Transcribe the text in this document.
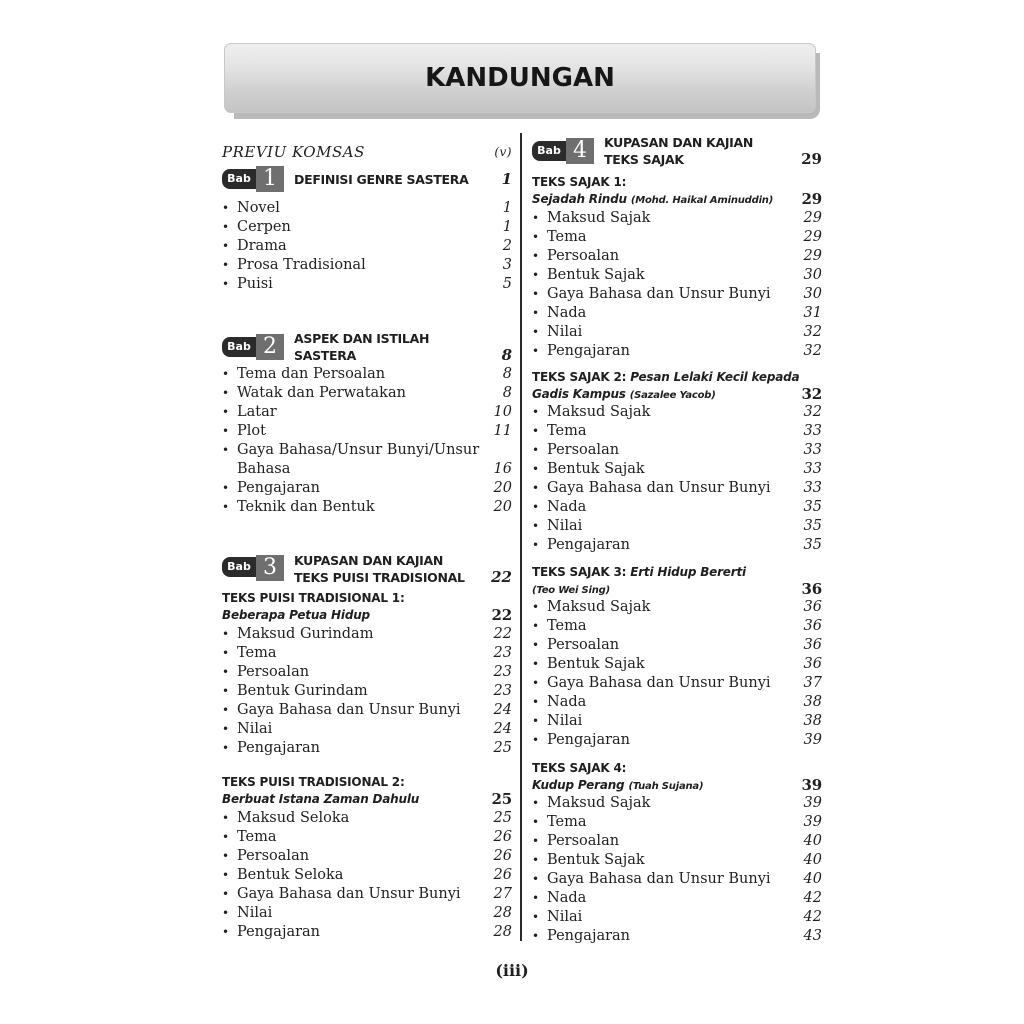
KANDUNGAN
PREVIU KOMSAS	(v)
Bab 1	DEFINISI GENRE SASTERA 1
• Novel	1
• Cerpen	1
• Drama	2
• Prosa Tradisional	3
• Puisi	5
Bab 2	ASPEK DAN ISTILAH
SASTERA	8
• Tema dan Persoalan	8
• Watak dan Perwatakan	8
• Latar	10
• Plot	11
• Gaya Bahasa/Unsur Bunyi/Unsur
Bahasa	16
• Pengajaran	20
• Teknik dan Bentuk	20
Bab 3	KUPASAN DAN KAJIAN
TEKS PUISI TRADISIONAL 22
TEKS PUISI TRADISIONAL 1:
Beberapa Petua Hidup	22
• Maksud Gurindam	22
• Tema	23
• Persoalan	23
• Bentuk Gurindam	23
• Gaya Bahasa dan Unsur Bunyi 24
• Nilai	24
• Pengajaran	25
TEKS PUISI TRADISIONAL 2:
Berbuat Istana Zaman Dahulu	25
• Maksud Seloka	25
• Tema	26
• Persoalan	26
• Bentuk Seloka	26
• Gaya Bahasa dan Unsur Bunyi 27
• Nilai	28
• Pengajaran	28
Bab 4	KUPASAN DAN KAJIAN
TEKS SAJAK	29
TEKS SAJAK 1:
Sejadah Rindu (Mohd. Haikal Aminuddin)	29
• Maksud Sajak	29
• Tema	29
• Persoalan	29
• Bentuk Sajak	30
• Gaya Bahasa dan Unsur Bunyi 30
• Nada	31
• Nilai	32
• Pengajaran	32
TEKS SAJAK 2: Pesan Lelaki Kecil kepada
Gadis Kampus (Sazalee Yacob)	32
• Maksud Sajak	32
• Tema	33
• Persoalan	33
• Bentuk Sajak	33
• Gaya Bahasa dan Unsur Bunyi 33
• Nada	35
• Nilai	35
• Pengajaran	35
TEKS SAJAK 3: Erti Hidup Bererti
(Teo Wei Sing)	36
• Maksud Sajak	36
• Tema	36
• Persoalan	36
• Bentuk Sajak	36
• Gaya Bahasa dan Unsur Bunyi 37
• Nada	38
• Nilai	38
• Pengajaran	39
TEKS SAJAK 4:
Kudup Perang (Tuah Sujana)	39
• Maksud Sajak	39
• Tema	39
• Persoalan	40
• Bentuk Sajak	40
• Gaya Bahasa dan Unsur Bunyi 40
• Nada	42
• Nilai	42
• Pengajaran	43
(iii)
